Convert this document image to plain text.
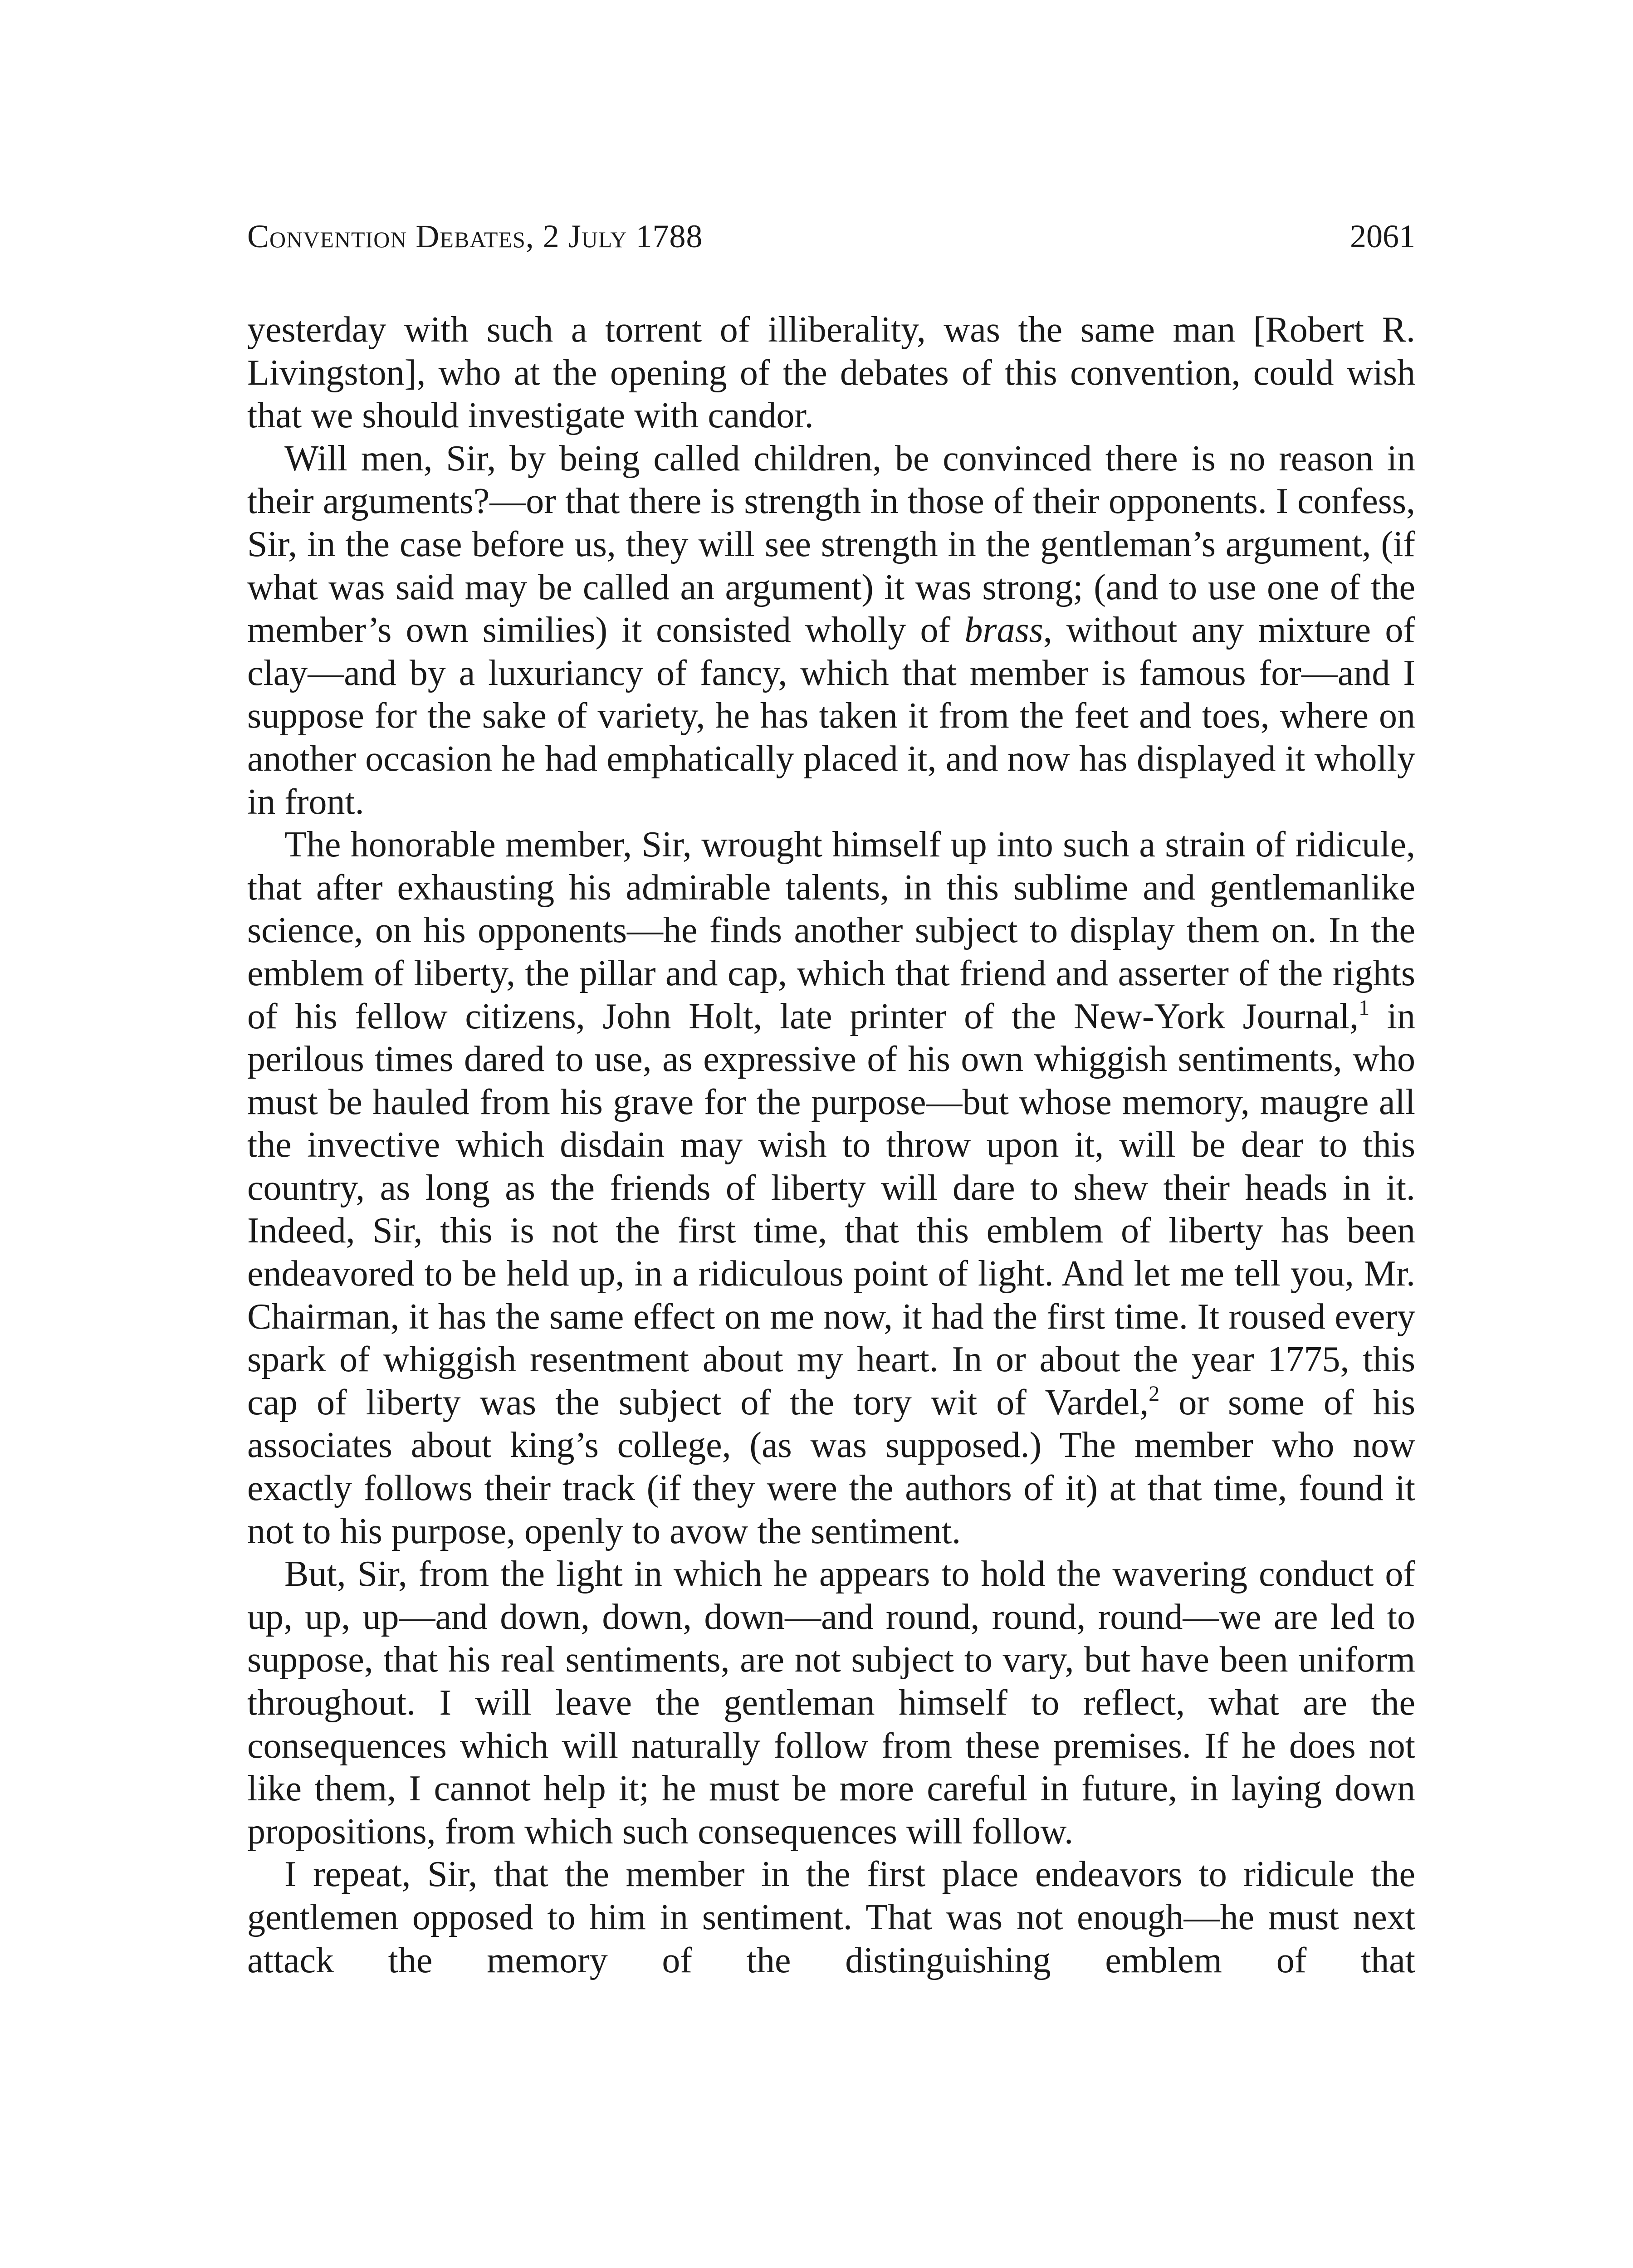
Convention Debates, 2 July 1788	2061

yesterday with such a torrent of illiberality, was the same man [Robert R. Livingston], who at the opening of the debates of this convention, could wish that we should investigate with candor.

Will men, Sir, by being called children, be convinced there is no reason in their arguments?—or that there is strength in those of their opponents. I confess, Sir, in the case before us, they will see strength in the gentleman’s argument, (if what was said may be called an argument) it was strong; (and to use one of the member’s own similies) it consisted wholly of brass, without any mixture of clay—and by a luxuriancy of fancy, which that member is famous for—and I suppose for the sake of variety, he has taken it from the feet and toes, where on another occasion he had emphatically placed it, and now has displayed it wholly in front.

The honorable member, Sir, wrought himself up into such a strain of ridicule, that after exhausting his admirable talents, in this sublime and gentlemanlike science, on his opponents—he finds another subject to display them on. In the emblem of liberty, the pillar and cap, which that friend and asserter of the rights of his fellow citizens, John Holt, late printer of the New-York Journal,$^1$ in perilous times dared to use, as expressive of his own whiggish sentiments, who must be hauled from his grave for the purpose—but whose memory, maugre all the invective which disdain may wish to throw upon it, will be dear to this country, as long as the friends of liberty will dare to shew their heads in it. Indeed, Sir, this is not the first time, that this emblem of liberty has been endeavored to be held up, in a ridiculous point of light. And let me tell you, Mr. Chairman, it has the same effect on me now, it had the first time. It roused every spark of whiggish resentment about my heart. In or about the year 1775, this cap of liberty was the subject of the tory wit of Vardel,$^2$ or some of his associates about king’s college, (as was supposed.) The member who now exactly follows their track (if they were the authors of it) at that time, found it not to his purpose, openly to avow the sentiment.

But, Sir, from the light in which he appears to hold the wavering conduct of up, up, up—and down, down, down—and round, round, round—we are led to suppose, that his real sentiments, are not subject to vary, but have been uniform throughout. I will leave the gentleman himself to reflect, what are the consequences which will naturally follow from these premises. If he does not like them, I cannot help it; he must be more careful in future, in laying down propositions, from which such consequences will follow.

I repeat, Sir, that the member in the first place endeavors to ridicule the gentlemen opposed to him in sentiment. That was not enough—he must next attack the memory of the distinguishing emblem of that
